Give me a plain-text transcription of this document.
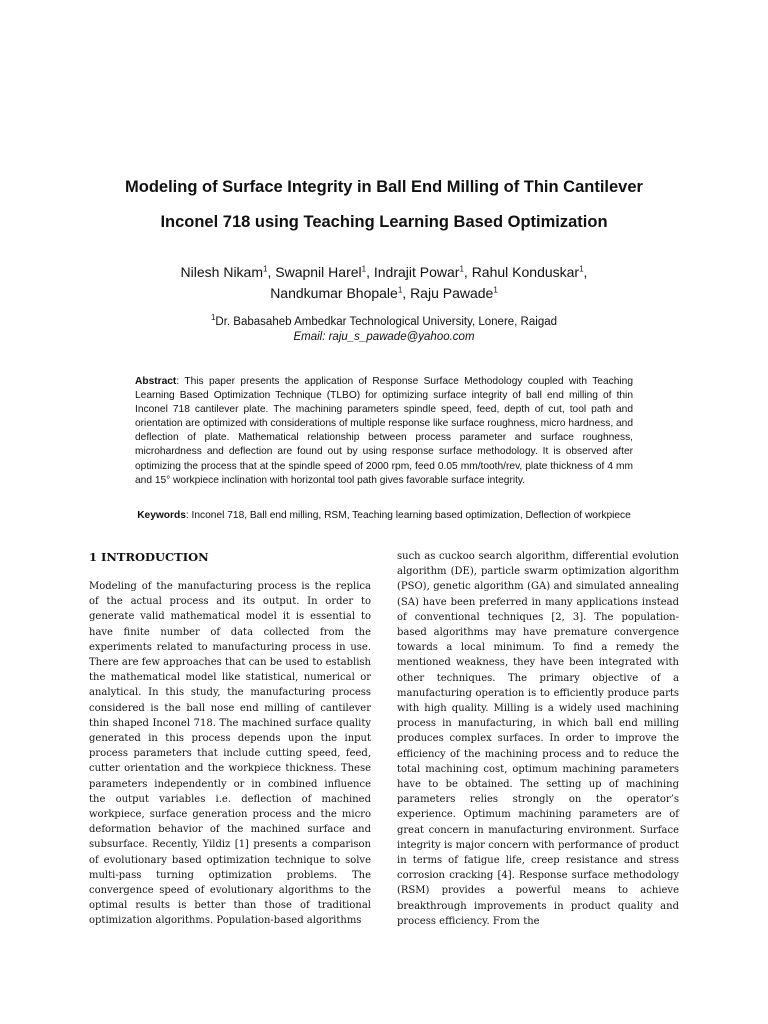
Modeling of Surface Integrity in Ball End Milling of Thin Cantilever
Inconel 718 using Teaching Learning Based Optimization
Nilesh Nikam$^1$, Swapnil Harel$^1$, Indrajit Powar$^1$, Rahul Konduskar$^1$,
Nandkumar Bhopale$^1$, Raju Pawade$^1$
$^1$Dr. Babasaheb Ambedkar Technological University, Lonere, Raigad
Email: raju_s_pawade@yahoo.com

Abstract: This paper presents the application of Response Surface Methodology coupled with Teaching Learning Based Optimization Technique (TLBO) for optimizing surface integrity of ball end milling of thin Inconel 718 cantilever plate. The machining parameters spindle speed, feed, depth of cut, tool path and orientation are optimized with considerations of multiple response like surface roughness, micro hardness, and deflection of plate. Mathematical relationship between process parameter and surface roughness, microhardness and deflection are found out by using response surface methodology. It is observed after optimizing the process that at the spindle speed of 2000 rpm, feed 0.05 mm/tooth/rev, plate thickness of 4 mm and 15° workpiece inclination with horizontal tool path gives favorable surface integrity.

Keywords: Inconel 718, Ball end milling, RSM, Teaching learning based optimization, Deflection of workpiece

1 INTRODUCTION

Modeling of the manufacturing process is the replica of the actual process and its output. In order to generate valid mathematical model it is essential to have finite number of data collected from the experiments related to manufacturing process in use. There are few approaches that can be used to establish the mathematical model like statistical, numerical or analytical. In this study, the manufacturing process considered is the ball nose end milling of cantilever thin shaped Inconel 718. The machined surface quality generated in this process depends upon the input process parameters that include cutting speed, feed, cutter orientation and the workpiece thickness. These parameters independently or in combined influence the output variables i.e. deflection of machined workpiece, surface generation process and the micro deformation behavior of the machined surface and subsurface. Recently, Yildiz [1] presents a comparison of evolutionary based optimization technique to solve multi-pass turning optimization problems. The convergence speed of evolutionary algorithms to the optimal results is better than those of traditional optimization algorithms. Population-based algorithms

such as cuckoo search algorithm, differential evolution algorithm (DE), particle swarm optimization algorithm (PSO), genetic algorithm (GA) and simulated annealing (SA) have been preferred in many applications instead of conventional techniques [2, 3]. The population-based algorithms may have premature convergence towards a local minimum. To find a remedy the mentioned weakness, they have been integrated with other techniques. The primary objective of a manufacturing operation is to efficiently produce parts with high quality. Milling is a widely used machining process in manufacturing, in which ball end milling produces complex surfaces. In order to improve the efficiency of the machining process and to reduce the total machining cost, optimum machining parameters have to be obtained. The setting up of machining parameters relies strongly on the operator’s experience. Optimum machining parameters are of great concern in manufacturing environment. Surface integrity is major concern with performance of product in terms of fatigue life, creep resistance and stress corrosion cracking [4]. Response surface methodology (RSM) provides a powerful means to achieve breakthrough improvements in product quality and process efficiency. From the
